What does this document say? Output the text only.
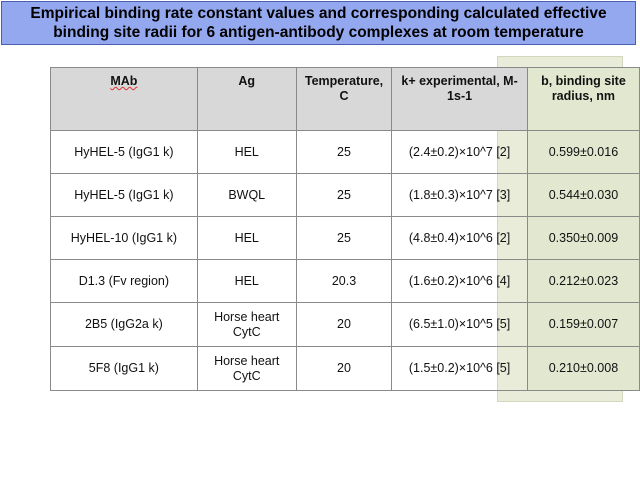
Empirical binding rate constant values and corresponding calculated effective
binding site radii for 6 antigen-antibody complexes at room temperature
MAb	Ag	Temperature, C	k+ experimental, M-1s-1	b, binding site radius, nm
HyHEL-5 (IgG1 k)	HEL	25	(2.4±0.2)×10^7 [2]	0.599±0.016
HyHEL-5 (IgG1 k)	BWQL	25	(1.8±0.3)×10^7 [3]	0.544±0.030
HyHEL-10 (IgG1 k)	HEL	25	(4.8±0.4)×10^6 [2]	0.350±0.009
D1.3 (Fv region)	HEL	20.3	(1.6±0.2)×10^6 [4]	0.212±0.023
2B5 (IgG2a k)	Horse heart CytC	20	(6.5±1.0)×10^5 [5]	0.159±0.007
5F8 (IgG1 k)	Horse heart CytC	20	(1.5±0.2)×10^6 [5]	0.210±0.008
